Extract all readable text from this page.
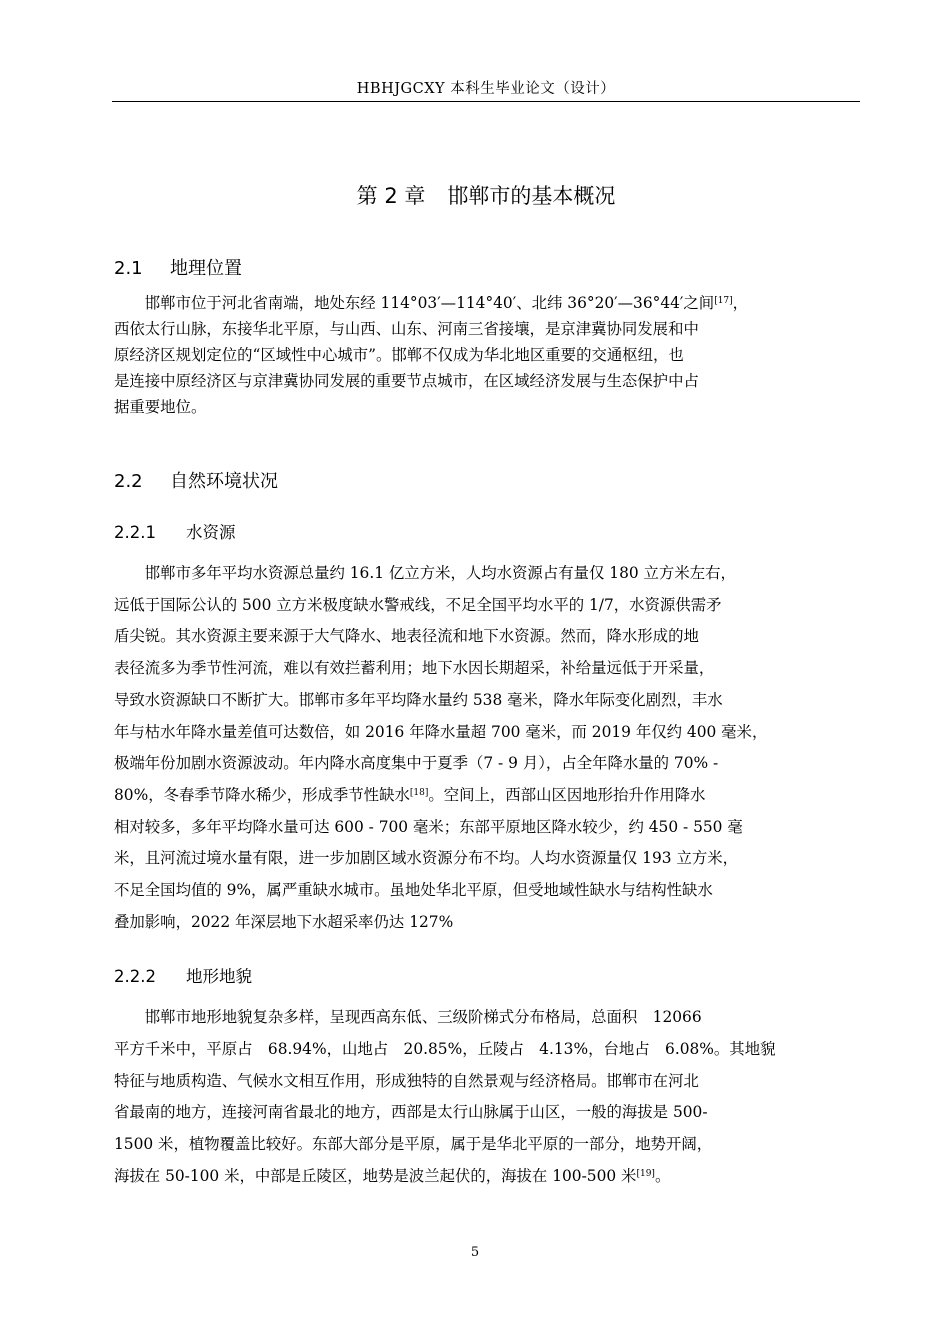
HBHJGCXY 本科生毕业论文（设计）
第 2 章 邯郸市的基本概况
2.1 地理位置
　　邯郸市位于河北省南端，地处东经 114°03′—114°40′、北纬 36°20′—36°44′之间[17]，
西依太行山脉，东接华北平原，与山西、山东、河南三省接壤，是京津冀协同发展和中
原经济区规划定位的“区域性中心城市”。邯郸不仅成为华北地区重要的交通枢纽，也
是连接中原经济区与京津冀协同发展的重要节点城市，在区域经济发展与生态保护中占
据重要地位。
2.2 自然环境状况
2.2.1 水资源
　　邯郸市多年平均水资源总量约 16.1 亿立方米，人均水资源占有量仅 180 立方米左右，
远低于国际公认的 500 立方米极度缺水警戒线，不足全国平均水平的 1/7，水资源供需矛
盾尖锐。其水资源主要来源于大气降水、地表径流和地下水资源。然而，降水形成的地
表径流多为季节性河流，难以有效拦蓄利用；地下水因长期超采，补给量远低于开采量，
导致水资源缺口不断扩大。邯郸市多年平均降水量约 538 毫米，降水年际变化剧烈，丰水
年与枯水年降水量差值可达数倍，如 2016 年降水量超 700 毫米，而 2019 年仅约 400 毫米，
极端年份加剧水资源波动。年内降水高度集中于夏季（7 - 9 月），占全年降水量的 70% -
80%，冬春季节降水稀少，形成季节性缺水[18]。空间上，西部山区因地形抬升作用降水
相对较多，多年平均降水量可达 600 - 700 毫米；东部平原地区降水较少，约 450 - 550 毫
米，且河流过境水量有限，进一步加剧区域水资源分布不均。人均水资源量仅 193 立方米，
不足全国均值的 9%，属严重缺水城市。虽地处华北平原，但受地域性缺水与结构性缺水
叠加影响，2022 年深层地下水超采率仍达 127%
2.2.2 地形地貌
　　邯郸市地形地貌复杂多样，呈现西高东低、三级阶梯式分布格局，总面积　12066
平方千米中，平原占　68.94%，山地占　20.85%，丘陵占　4.13%，台地占　6.08%。其地貌
特征与地质构造、气候水文相互作用，形成独特的自然景观与经济格局。邯郸市在河北
省最南的地方，连接河南省最北的地方，西部是太行山脉属于山区，一般的海拔是 500-
1500 米，植物覆盖比较好。东部大部分是平原，属于是华北平原的一部分，地势开阔，
海拔在 50-100 米，中部是丘陵区，地势是波兰起伏的，海拔在 100-500 米[19]。
5
